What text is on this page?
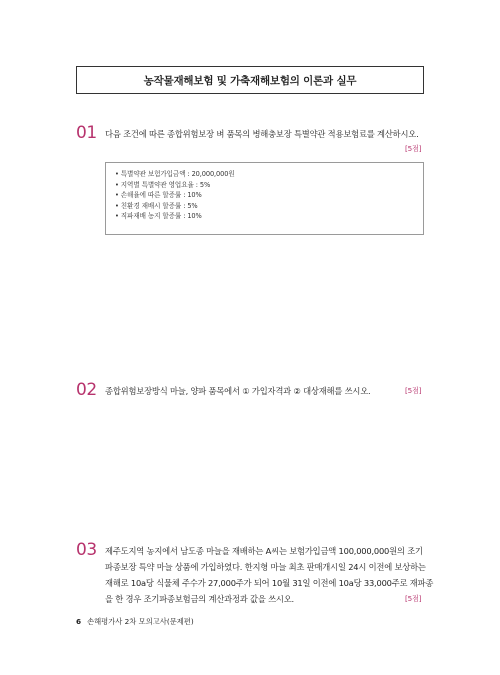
농작물재해보험 및 가축재해보험의 이론과 실무
01 다음 조건에 따른 종합위험보장 벼 품목의 병해충보장 특별약관 적용보험료를 계산하시오.
[5점]
• 특별약관 보험가입금액 : 20,000,000원
• 지역별 특별약관 영업요율 : 5%
• 손해율에 따른 할증률 : 10%
• 친환경 재배시 할증률 : 5%
• 직파재배 농지 할증률 : 10%
02 종합위험보장방식 마늘, 양파 품목에서 ① 가입자격과 ② 대상재해를 쓰시오.	[5점]
03 제주도지역 농지에서 남도종 마늘을 재배하는 A씨는 보험가입금액 100,000,000원의 조기
파종보장 특약 마늘 상품에 가입하였다. 한지형 마늘 최초 판매개시일 24시 이전에 보상하는
재해로 10a당 식물체 주수가 27,000주가 되어 10월 31일 이전에 10a당 33,000주로 재파종
을 한 경우 조기파종보험금의 계산과정과 값을 쓰시오.	[5점]
6 손해평가사 2차 모의고사(문제편)
